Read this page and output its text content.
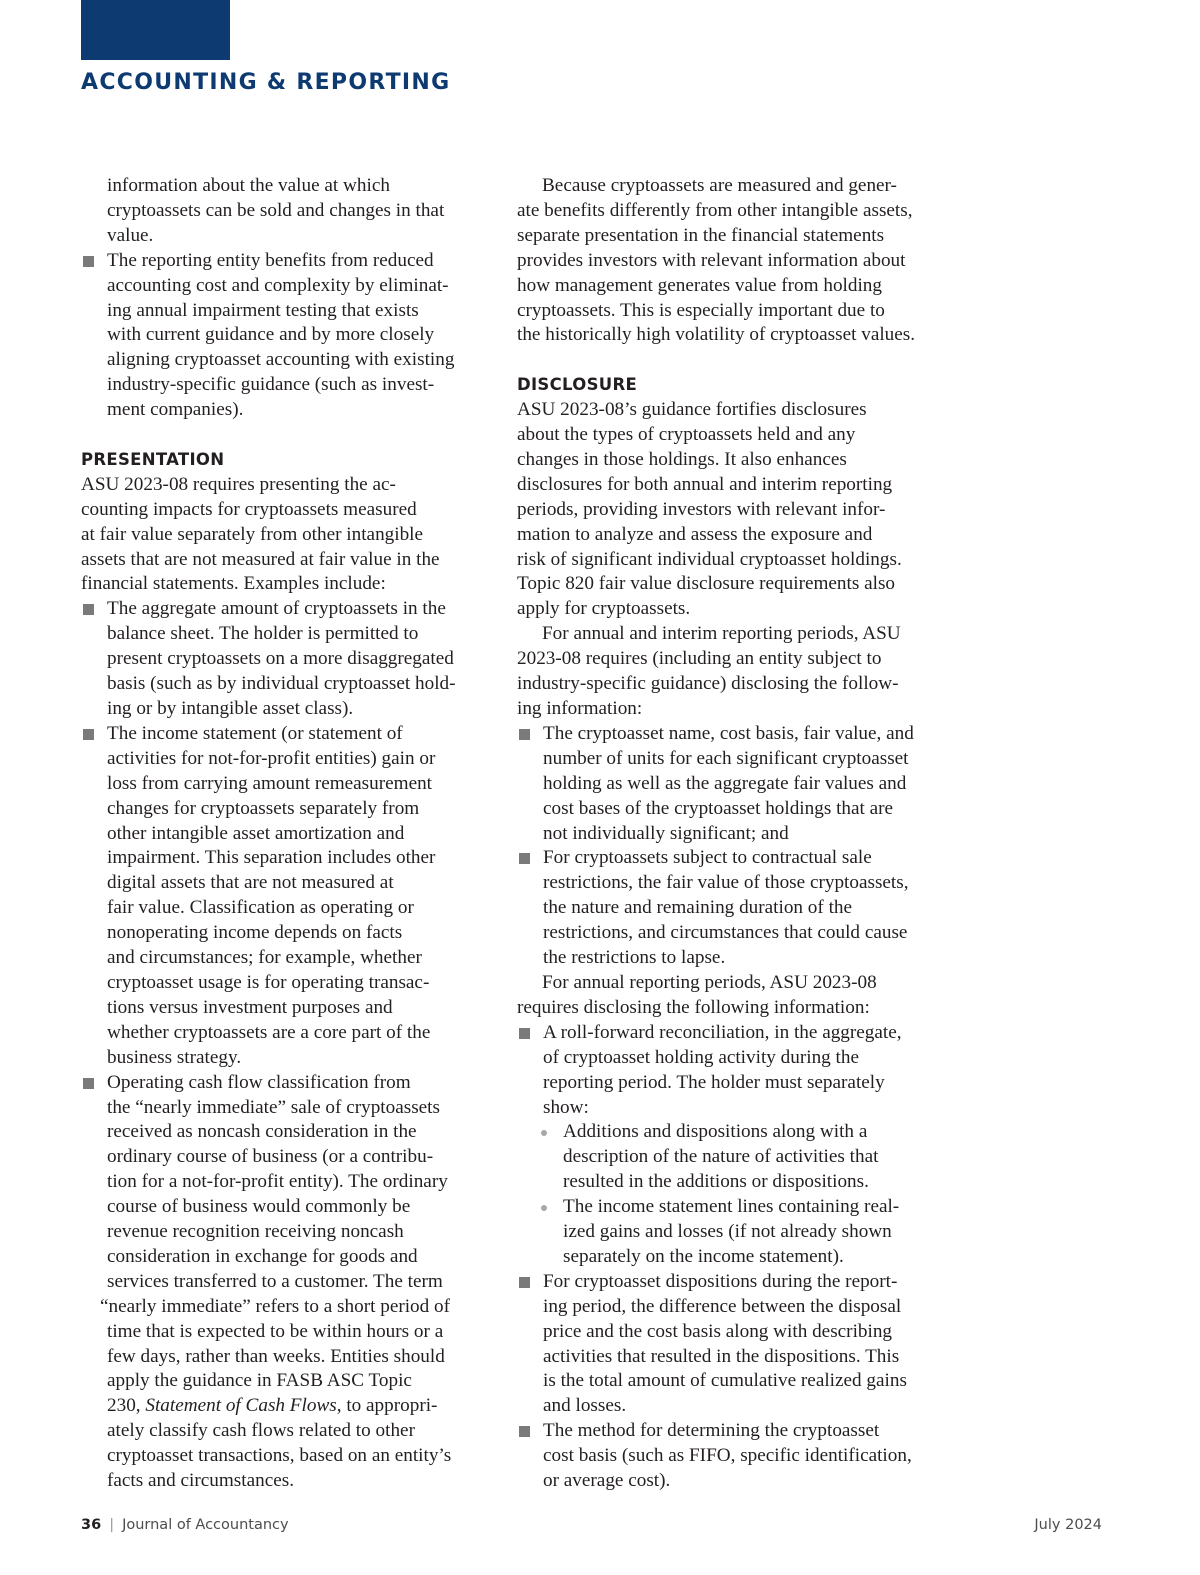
ACCOUNTING & REPORTING
information about the value at which
cryptoassets can be sold and changes in that
value.
The reporting entity benefits from reduced
accounting cost and complexity by eliminat-
ing annual impairment testing that exists
with current guidance and by more closely
aligning cryptoasset accounting with existing
industry-specific guidance (such as invest-
ment companies).
PRESENTATION
ASU 2023-08 requires presenting the ac-
counting impacts for cryptoassets measured
at fair value separately from other intangible
assets that are not measured at fair value in the
financial statements. Examples include:
The aggregate amount of cryptoassets in the
balance sheet. The holder is permitted to
present cryptoassets on a more disaggregated
basis (such as by individual cryptoasset hold-
ing or by intangible asset class).
The income statement (or statement of
activities for not-for-profit entities) gain or
loss from carrying amount remeasurement
changes for cryptoassets separately from
other intangible asset amortization and
impairment. This separation includes other
digital assets that are not measured at
fair value. Classification as operating or
nonoperating income depends on facts
and circumstances; for example, whether
cryptoasset usage is for operating transac-
tions versus investment purposes and
whether cryptoassets are a core part of the
business strategy.
Operating cash flow classification from
the “nearly immediate” sale of cryptoassets
received as noncash consideration in the
ordinary course of business (or a contribu-
tion for a not-for-profit entity). The ordinary
course of business would commonly be
revenue recognition receiving noncash
consideration in exchange for goods and
services transferred to a customer. The term
“nearly immediate” refers to a short period of
time that is expected to be within hours or a
few days, rather than weeks. Entities should
apply the guidance in FASB ASC Topic
230, Statement of Cash Flows, to appropri-
ately classify cash flows related to other
cryptoasset transactions, based on an entity’s
facts and circumstances.
Because cryptoassets are measured and gener-
ate benefits differently from other intangible assets,
separate presentation in the financial statements
provides investors with relevant information about
how management generates value from holding
cryptoassets. This is especially important due to
the historically high volatility of cryptoasset values.
DISCLOSURE
ASU 2023-08’s guidance fortifies disclosures
about the types of cryptoassets held and any
changes in those holdings. It also enhances
disclosures for both annual and interim reporting
periods, providing investors with relevant infor-
mation to analyze and assess the exposure and
risk of significant individual cryptoasset holdings.
Topic 820 fair value disclosure requirements also
apply for cryptoassets.
For annual and interim reporting periods, ASU
2023-08 requires (including an entity subject to
industry-specific guidance) disclosing the follow-
ing information:
The cryptoasset name, cost basis, fair value, and
number of units for each significant cryptoasset
holding as well as the aggregate fair values and
cost bases of the cryptoasset holdings that are
not individually significant; and
For cryptoassets subject to contractual sale
restrictions, the fair value of those cryptoassets,
the nature and remaining duration of the
restrictions, and circumstances that could cause
the restrictions to lapse.
For annual reporting periods, ASU 2023-08
requires disclosing the following information:
A roll-forward reconciliation, in the aggregate,
of cryptoasset holding activity during the
reporting period. The holder must separately
show:
Additions and dispositions along with a
description of the nature of activities that
resulted in the additions or dispositions.
The income statement lines containing real-
ized gains and losses (if not already shown
separately on the income statement).
For cryptoasset dispositions during the report-
ing period, the difference between the disposal
price and the cost basis along with describing
activities that resulted in the dispositions. This
is the total amount of cumulative realized gains
and losses.
The method for determining the cryptoasset
cost basis (such as FIFO, specific identification,
or average cost).
36 | Journal of Accountancy	July 2024
